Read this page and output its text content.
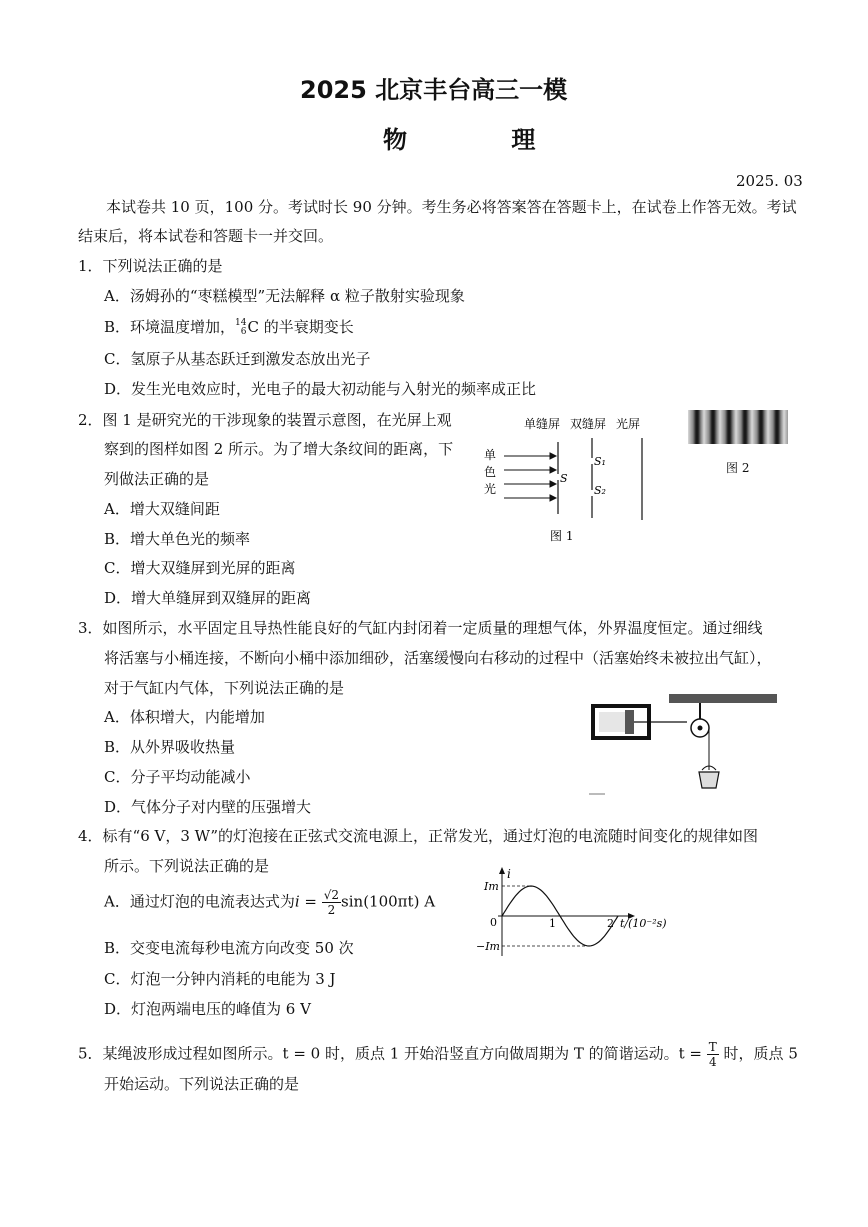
2025 北京丰台高三一模
物 理
2025. 03
本试卷共 10 页，100 分。考试时长 90 分钟。考生务必将答案答在答题卡上，在试卷上作答无效。考试
结束后，将本试卷和答题卡一并交回。
1．下列说法正确的是
A．汤姆孙的“枣糕模型”无法解释 α 粒子散射实验现象
B．环境温度增加， 14
6 C 的半衰期变长
C．氢原子从基态跃迁到激发态放出光子
D．发生光电效应时，光电子的最大初动能与入射光的频率成正比
2．图 1 是研究光的干涉现象的装置示意图，在光屏上观
察到的图样如图 2 所示。为了增大条纹间的距离，下
列做法正确的是
A．增大双缝间距
B．增大单色光的频率
C．增大双缝屏到光屏的距离
D．增大单缝屏到双缝屏的距离
单缝屏 双缝屏 光屏
单
色
光
S
S₁
S₂
图 1
图 2
3．如图所示，水平固定且导热性能良好的气缸内封闭着一定质量的理想气体，外界温度恒定。通过细线
将活塞与小桶连接，不断向小桶中添加细砂，活塞缓慢向右移动的过程中（活塞始终未被拉出气缸），
对于气缸内气体，下列说法正确的是
A．体积增大，内能增加
B．从外界吸收热量
C．分子平均动能减小
D．气体分子对内壁的压强增大
4．标有“6 V，3 W”的灯泡接在正弦式交流电源上，正常发光，通过灯泡的电流随时间变化的规律如图
所示。下列说法正确的是
A．通过灯泡的电流表达式为$i = \frac{√2}{2} \sin(100\pi t)$ A
B．交变电流每秒电流方向改变 50 次
C．灯泡一分钟内消耗的电能为 3 J
D．灯泡两端电压的峰值为 6 V
i
Im
−Im
0	1	2 t/(10⁻²s)
5．某绳波形成过程如图所示。t = 0 时，质点 1 开始沿竖直方向做周期为 T 的简谐运动。$t = \frac{T}{4}$ 时，质点 5
开始运动。下列说法正确的是
